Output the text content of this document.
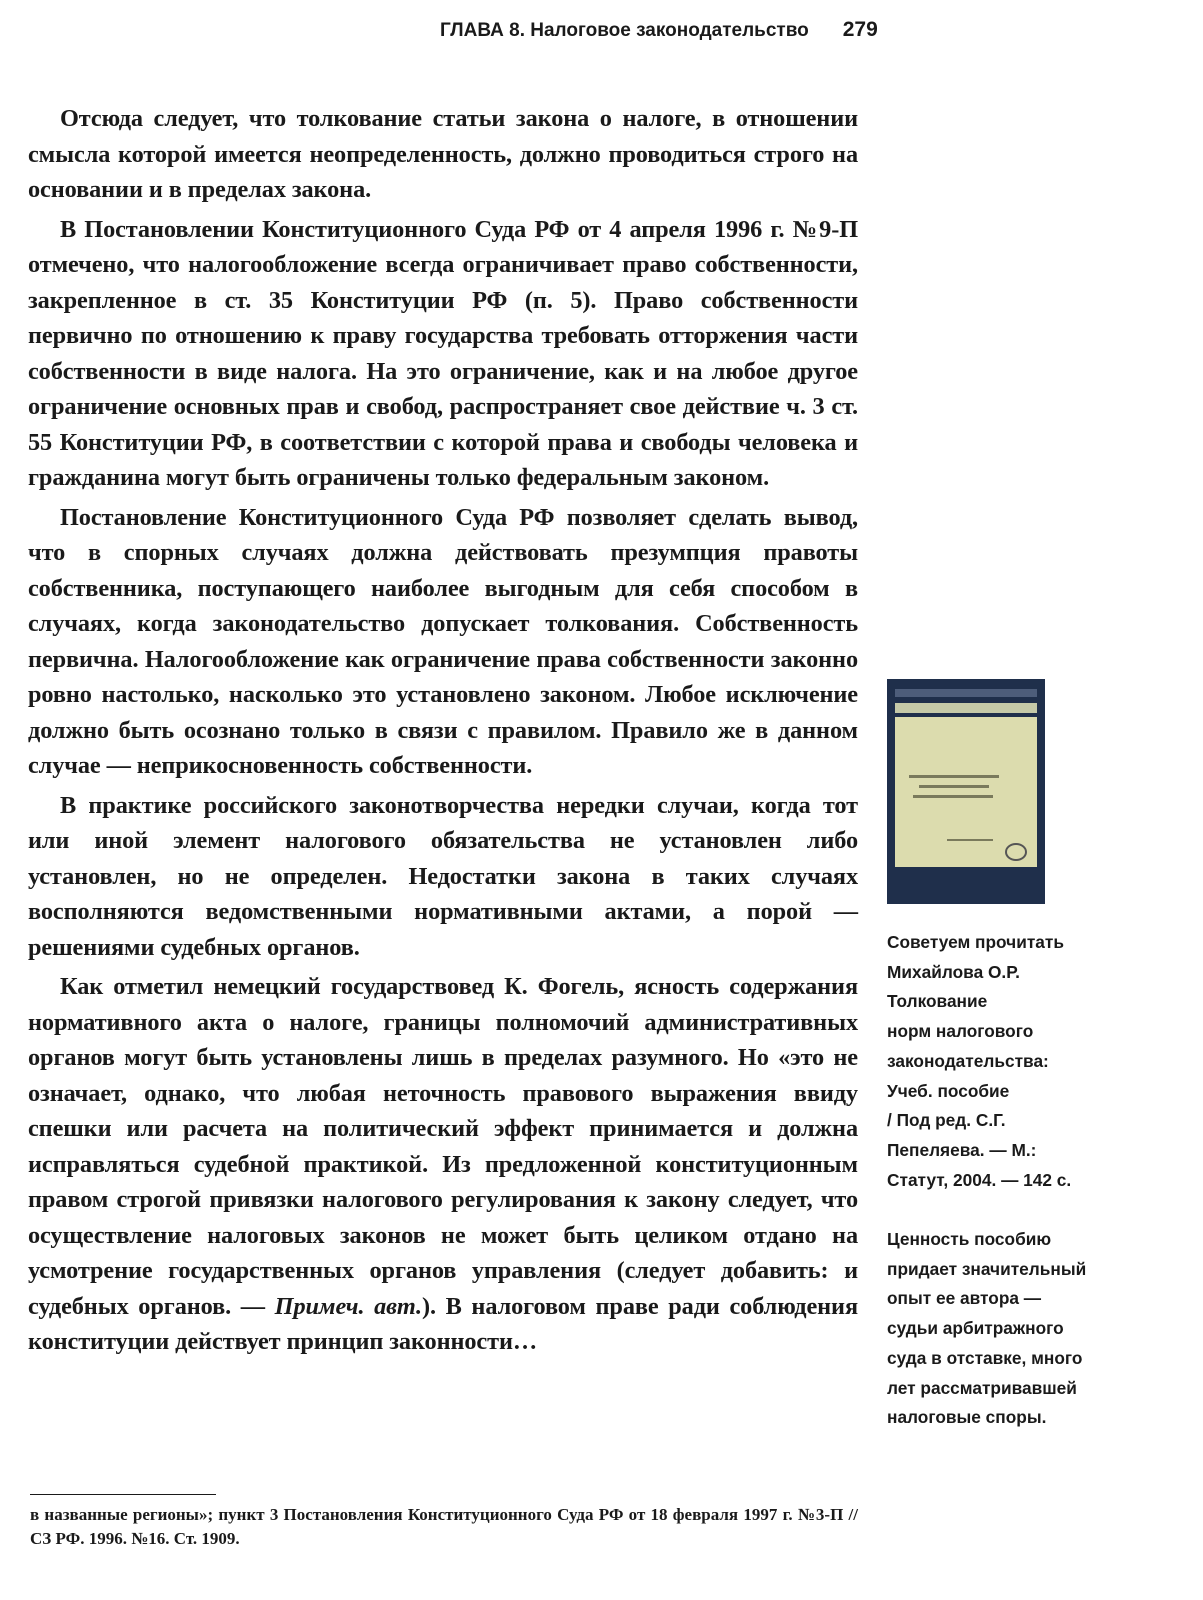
ГЛАВА 8. Налоговое законодательство 279

Отсюда следует, что толкование статьи закона о налоге, в отношении смысла которой имеется неопределенность, должно проводиться строго на основании и в пределах закона.

В Постановлении Конституционного Суда РФ от 4 апреля 1996 г. №9-П отмечено, что налогообложение всегда ограничивает право собственности, закрепленное в ст. 35 Конституции РФ (п. 5). Право собственности первично по отношению к праву государства требовать отторжения части собственности в виде налога. На это ограничение, как и на любое другое ограничение основных прав и свобод, распространяет свое действие ч. 3 ст. 55 Конституции РФ, в соответствии с которой права и свободы человека и гражданина могут быть ограничены только федеральным законом.

Постановление Конституционного Суда РФ позволяет сделать вывод, что в спорных случаях должна действовать презумпция правоты собственника, поступающего наиболее выгодным для себя способом в случаях, когда законодательство допускает толкования. Собственность первична. Налогообложение как ограничение права собственности законно ровно настолько, насколько это установлено законом. Любое исключение должно быть осознано только в связи с правилом. Правило же в данном случае — неприкосновенность собственности.

В практике российского законотворчества нередки случаи, когда тот или иной элемент налогового обязательства не установлен либо установлен, но не определен. Недостатки закона в таких случаях восполняются ведомственными нормативными актами, а порой — решениями судебных органов.

Как отметил немецкий государствовед К. Фогель, ясность содержания нормативного акта о налоге, границы полномочий административных органов могут быть установлены лишь в пределах разумного. Но «это не означает, однако, что любая неточность правового выражения ввиду спешки или расчета на политический эффект принимается и должна исправляться судебной практикой. Из предложенной конституционным правом строгой привязки налогового регулирования к закону следует, что осуществление налоговых законов не может быть целиком отдано на усмотрение государственных органов управления (следует добавить: и судебных органов. — Примеч. авт.). В налоговом праве ради соблюдения конституции действует принцип законности…

в названные регионы»; пункт 3 Постановления Конституционного Суда РФ от 18 февраля 1997 г. №3-П // СЗ РФ. 1996. №16. Ст. 1909.
Советуем прочитать
Михайлова О.Р.
Толкование
норм налогового
законодательства:
Учеб. пособие
/ Под ред. С.Г.
Пепеляева. — М.:
Статут, 2004. — 142 с.
Ценность пособию
придает значительный
опыт ее автора —
судьи арбитражного
суда в отставке, много
лет рассматривавшей
налоговые споры.
